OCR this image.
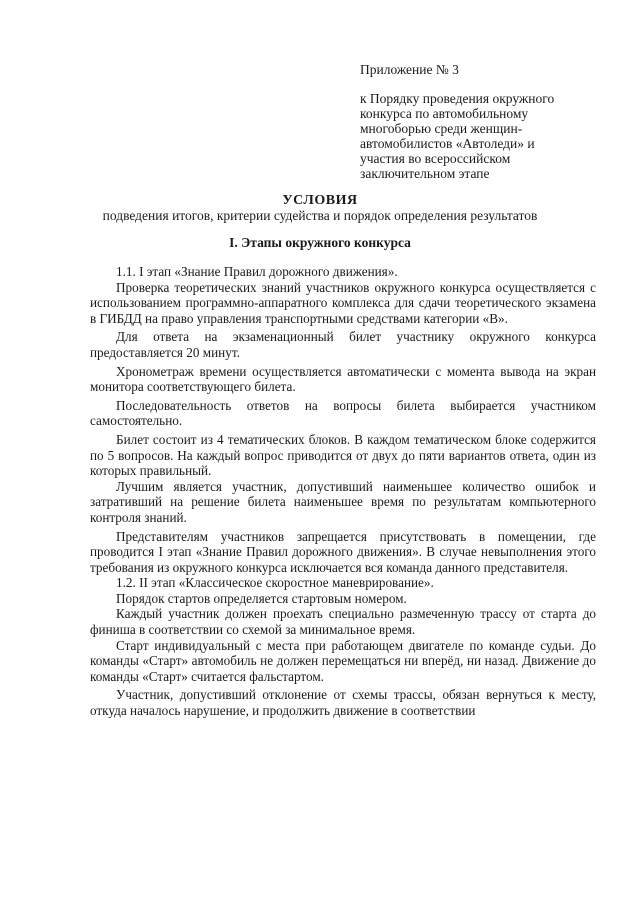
Приложение № 3
к Порядку проведения окружного
конкурса по автомобильному
многоборью среди женщин-
автомобилистов «Автоледи» и
участия во всероссийском
заключительном этапе
УСЛОВИЯ
подведения итогов, критерии судейства и порядок определения результатов
I. Этапы окружного конкурса

1.1. I этап «Знание Правил дорожного движения».

Проверка теоретических знаний участников окружного конкурса осуществляется с использованием программно-аппаратного комплекса для сдачи теоретического экзамена в ГИБДД на право управления транспортными средствами категории «В».

Для ответа на экзаменационный билет участнику окружного конкурса предоставляется 20 минут.

Хронометраж времени осуществляется автоматически с момента вывода на экран монитора соответствующего билета.

Последовательность ответов на вопросы билета выбирается участником самостоятельно.

Билет состоит из 4 тематических блоков. В каждом тематическом блоке содержится по 5 вопросов. На каждый вопрос приводится от двух до пяти вариантов ответа, один из которых правильный.

Лучшим является участник, допустивший наименьшее количество ошибок и затративший на решение билета наименьшее время по результатам компьютерного контроля знаний.

Представителям участников запрещается присутствовать в помещении, где проводится I этап «Знание Правил дорожного движения». В случае невыполнения этого требования из окружного конкурса исключается вся команда данного представителя.

1.2. II этап «Классическое скоростное маневрирование».

Порядок стартов определяется стартовым номером.

Каждый участник должен проехать специально размеченную трассу от старта до финиша в соответствии со схемой за минимальное время.

Старт индивидуальный с места при работающем двигателе по команде судьи. До команды «Старт» автомобиль не должен перемещаться ни вперёд, ни назад. Движение до команды «Старт» считается фальстартом.

Участник, допустивший отклонение от схемы трассы, обязан вернуться к месту, откуда началось нарушение, и продолжить движение в соответствии
